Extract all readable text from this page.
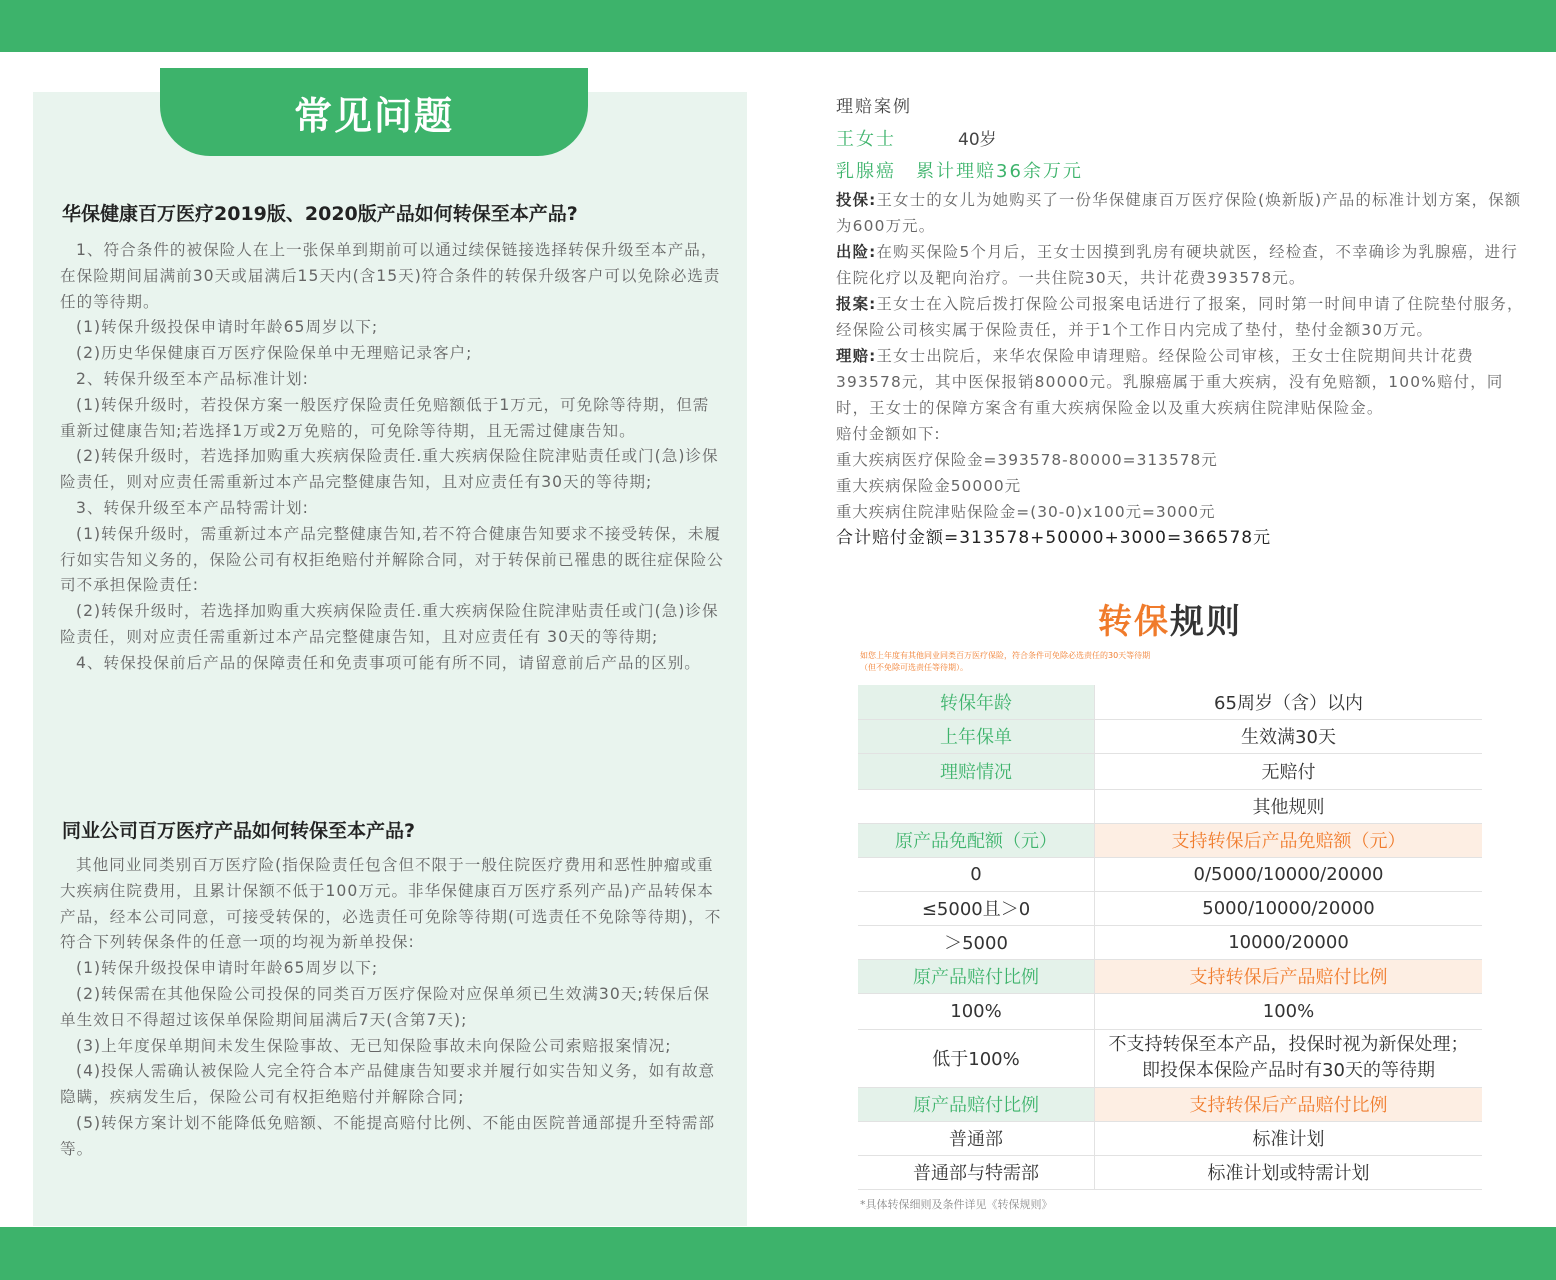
常见问题
华保健康百万医疗2019版、2020版产品如何转保至本产品?

1、符合条件的被保险人在上一张保单到期前可以通过续保链接选择转保升级至本产品，在保险期间届满前30天或届满后15天内(含15天)符合条件的转保升级客户可以免除必选责任的等待期。

(1)转保升级投保申请时年龄65周岁以下;

(2)历史华保健康百万医疗保险保单中无理赔记录客户;

2、转保升级至本产品标准计划:

(1)转保升级时，若投保方案一般医疗保险责任免赔额低于1万元，可免除等待期，但需重新过健康告知;若选择1万或2万免赔的，可免除等待期，且无需过健康告知。

(2)转保升级时，若选择加购重大疾病保险责任.重大疾病保险住院津贴责任或门(急)诊保险责任，则对应责任需重新过本产品完整健康告知，且对应责任有30天的等待期;

3、转保升级至本产品特需计划:

(1)转保升级时，需重新过本产品完整健康告知,若不符合健康告知要求不接受转保，未履行如实告知义务的，保险公司有权拒绝赔付并解除合同，对于转保前已罹患的既往症保险公司不承担保险责任:

(2)转保升级时，若选择加购重大疾病保险责任.重大疾病保险住院津贴责任或门(急)诊保险责任，则对应责任需重新过本产品完整健康告知，且对应责任有 30天的等待期;

4、转保投保前后产品的保障责任和免责事项可能有所不同，请留意前后产品的区别。

同业公司百万医疗产品如何转保至本产品?

其他同业同类别百万医疗险(指保险责任包含但不限于一般住院医疗费用和恶性肿瘤或重大疾病住院费用，且累计保额不低于100万元。非华保健康百万医疗系列产品)产品转保本产品，经本公司同意，可接受转保的，必选责任可免除等待期(可选责任不免除等待期)，不符合下列转保条件的任意一项的均视为新单投保:

(1)转保升级投保申请时年龄65周岁以下;

(2)转保需在其他保险公司投保的同类百万医疗保险对应保单须已生效满30天;转保后保单生效日不得超过该保单保险期间届满后7天(含第7天);

(3)上年度保单期间未发生保险事故、无已知保险事故未向保险公司索赔报案情况;

(4)投保人需确认被保险人完全符合本产品健康告知要求并履行如实告知义务，如有故意隐瞒，疾病发生后，保险公司有权拒绝赔付并解除合同;

(5)转保方案计划不能降低免赔额、不能提高赔付比例、不能由医院普通部提升至特需部等。

理赔案例
王女士	40岁
乳腺癌　累计理赔36余万元

投保:王女士的女儿为她购买了一份华保健康百万医疗保险(焕新版)产品的标准计划方案，保额为600万元。

出险:在购买保险5个月后，王女士因摸到乳房有硬块就医，经检查，不幸确诊为乳腺癌，进行住院化疗以及靶向治疗。一共住院30天，共计花费393578元。

报案:王女士在入院后拨打保险公司报案电话进行了报案，同时第一时间申请了住院垫付服务，经保险公司核实属于保险责任，并于1个工作日内完成了垫付，垫付金额30万元。

理赔:王女士出院后，来华农保险申请理赔。经保险公司审核，王女士住院期间共计花费393578元，其中医保报销80000元。乳腺癌属于重大疾病，没有免赔额，100%赔付，同时，王女士的保障方案含有重大疾病保险金以及重大疾病住院津贴保险金。

赔付金额如下:

重大疾病医疗保险金=393578-80000=313578元

重大疾病保险金50000元

重大疾病住院津贴保险金=(30-0)x100元=3000元

合计赔付金额=313578+50000+3000=366578元

转保规则
如您上年度有其他同业同类百万医疗保险，符合条件可免除必选责任的30天等待期（但不免除可选责任等待期）。
转保年龄	65周岁（含）以内
上年保单	生效满30天
理赔情况	无赔付
	其他规则
原产品免配额（元）	支持转保后产品免赔额（元）
0	0/5000/10000/20000
≤5000且＞0	5000/10000/20000
＞5000	10000/20000
原产品赔付比例	支持转保后产品赔付比例
100%	100%
低于100%	不支持转保至本产品，投保时视为新保处理；
即投保本保险产品时有30天的等待期

原产品赔付比例	支持转保后产品赔付比例
普通部	标准计划
普通部与特需部	标准计划或特需计划
*具体转保细则及条件详见《转保规则》
